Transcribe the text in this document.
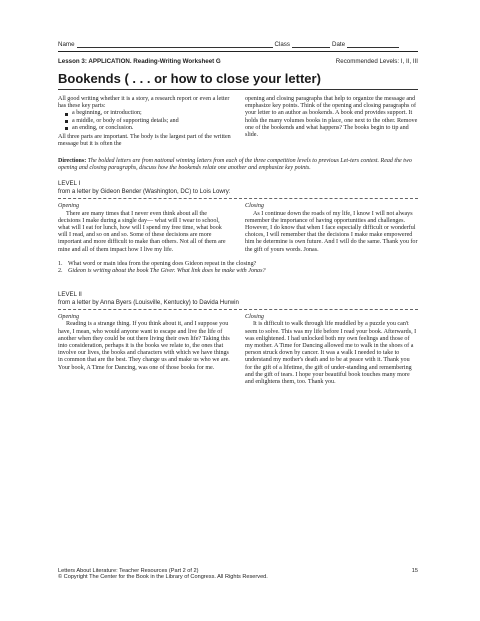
Name	Class	Date
Lesson 3: APPLICATION. Reading-Writing Worksheet G	Recommended Levels: I, II, III
Bookends ( . . . or how to close your letter)

All good writing whether it is a story, a research report or even a letter has these key parts:

a beginning, or introduction;
a middle, or body of supporting details; and
an ending, or conclusion.

All three parts are important. The body is the largest part of the written message but it is often the

opening and closing paragraphs that help to organize the message and emphasize key points. Think of the opening and closing paragraphs of your letter to an author as bookends. A book end provides support. It holds the many volumes books in place, one next to the other. Remove one of the bookends and what happens? The books begin to tip and slide.

Directions: The bolded letters are from national winning letters from each of the three competition levels to previous Let-ters contest. Read the two opening and closing paragraphs, discuss how the bookends relate one another and emphasize key points.
LEVEL I
from a letter by Gideon Bender (Washington, DC) to Lois Lowry:

Opening

There are many times that I never even think about all the decisions I make during a single day— what will I wear to school, what will I eat for lunch, how will I spend my free time, what book will I read, and so on and so. Some of these decisions are more important and more difficult to make than others. Not all of them are mine and all of them impact how I live my life.

Closing

As I continue down the roads of my life, I know I will not always remember the importance of having opportunities and challenges. However, I do know that when I face especially difficult or wonderful choices, I will remember that the decisions I make make empowered him he determine is own future. And I will do the same. Thank you for the gift of yours words. Jonas.

1. What word or main idea from the opening does Gideon repeat in the closing?
2. Gideon is writing about the book The Giver. What link does he make with Jonas?
LEVEL II
from a letter by Anna Byers (Louisville, Kentucky) to Davida Hurwin

Opening

Reading is a strange thing. If you think about it, and I suppose you have, I mean, who would anyone want to escape and live the life of another when they could be out there living their own life? Taking this into consideration, perhaps it is the books we relate to, the ones that involve our lives, the books and characters with which we have things in common that are the best. They change us and make us who we are. Your book, A Time for Dancing, was one of those books for me.

Closing

It is difficult to walk through life muddled by a puzzle you can't seem to solve. This was my life before I read your book. Afterwards, I was enlightened. I had unlocked both my own feelings and those of my mother. A Time for Dancing allowed me to walk in the shoes of a person struck down by cancer. It was a walk I needed to take to understand my mother's death and to be at peace with it. Thank you for the gift of a lifetime, the gift of under-standing and remembering and the gift of tears. I hope your beautiful book touches many more and enlightens them, too. Thank you.

Letters About Literature: Teacher Resources (Part 2 of 2)	15
© Copyright The Center for the Book in the Library of Congress. All Rights Reserved.
